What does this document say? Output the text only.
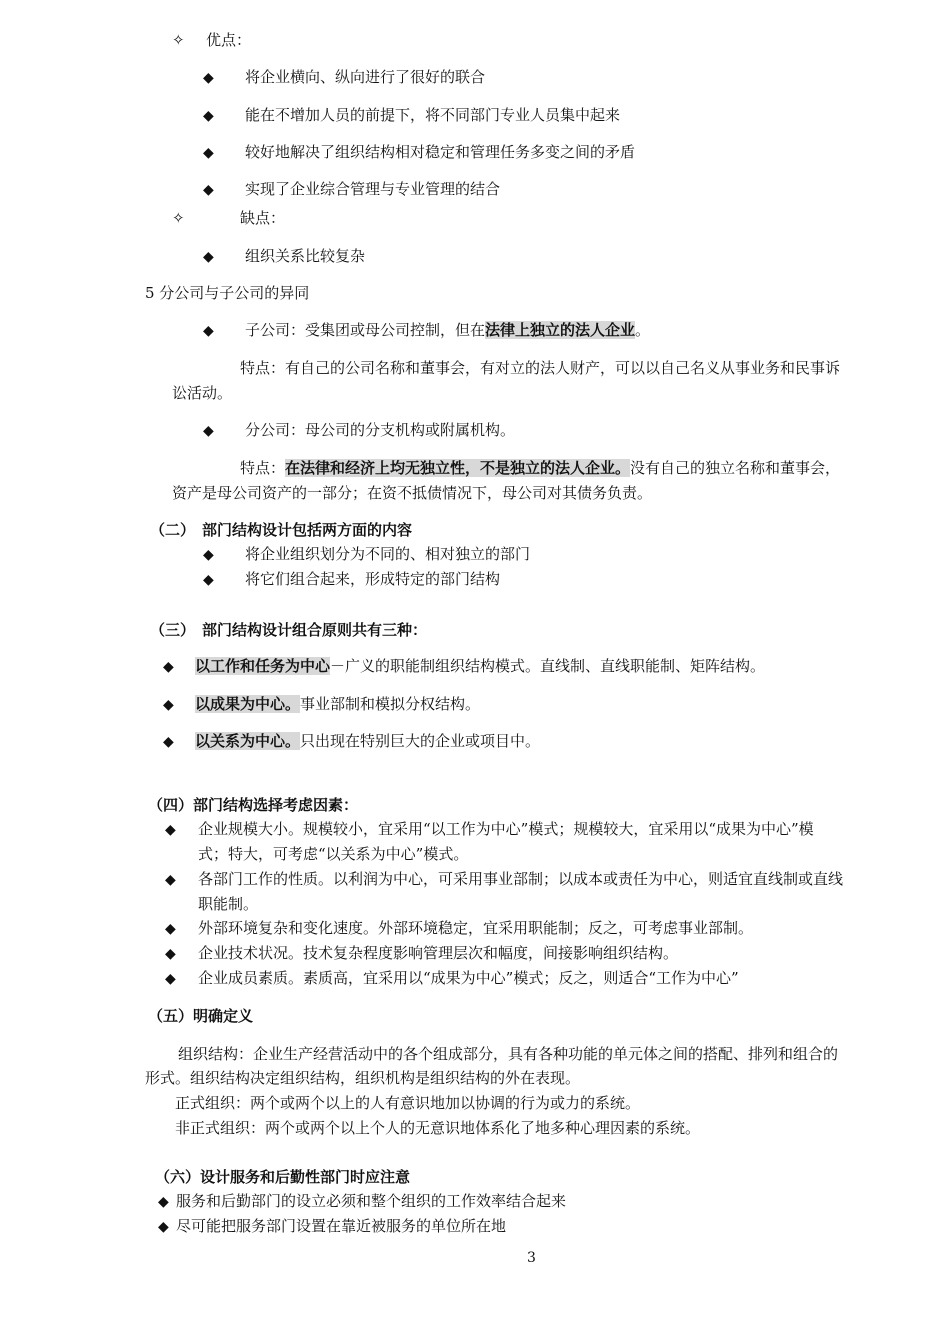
✧ 优点：
◆ 将企业横向、纵向进行了很好的联合
◆ 能在不增加人员的前提下，将不同部门专业人员集中起来
◆ 较好地解决了组织结构相对稳定和管理任务多变之间的矛盾
◆ 实现了企业综合管理与专业管理的结合
✧	缺点：
◆ 组织关系比较复杂
5 分公司与子公司的异同
◆ 子公司：受集团或母公司控制，但在法律上独立的法人企业。
特点：有自己的公司名称和董事会，有对立的法人财产，可以以自己名义从事业务和民事诉
讼活动。
◆ 分公司：母公司的分支机构或附属机构。
特点：在法律和经济上均无独立性，不是独立的法人企业。没有自己的独立名称和董事会，
资产是母公司资产的一部分；在资不抵债情况下，母公司对其债务负责。
（二） 部门结构设计包括两方面的内容
◆ 将企业组织划分为不同的、相对独立的部门
◆ 将它们组合起来，形成特定的部门结构
（三） 部门结构设计组合原则共有三种：
◆ 以工作和任务为中心－广义的职能制组织结构模式。直线制、直线职能制、矩阵结构。
◆ 以成果为中心。事业部制和模拟分权结构。
◆ 以关系为中心。只出现在特别巨大的企业或项目中。
（四）部门结构选择考虑因素：
◆ 企业规模大小。规模较小，宜采用“以工作为中心”模式；规模较大，宜采用以“成果为中心”模
式；特大，可考虑“以关系为中心”模式。
◆ 各部门工作的性质。以利润为中心，可采用事业部制；以成本或责任为中心，则适宜直线制或直线
职能制。
◆ 外部环境复杂和变化速度。外部环境稳定，宜采用职能制；反之，可考虑事业部制。
◆ 企业技术状况。技术复杂程度影响管理层次和幅度，间接影响组织结构。
◆ 企业成员素质。素质高，宜采用以“成果为中心”模式；反之，则适合“工作为中心”
（五）明确定义
组织结构：企业生产经营活动中的各个组成部分，具有各种功能的单元体之间的搭配、排列和组合的
形式。组织结构决定组织结构，组织机构是组织结构的外在表现。
正式组织：两个或两个以上的人有意识地加以协调的行为或力的系统。
非正式组织：两个或两个以上个人的无意识地体系化了地多种心理因素的系统。
（六）设计服务和后勤性部门时应注意
◆ 服务和后勤部门的设立必须和整个组织的工作效率结合起来
◆ 尽可能把服务部门设置在靠近被服务的单位所在地
3
